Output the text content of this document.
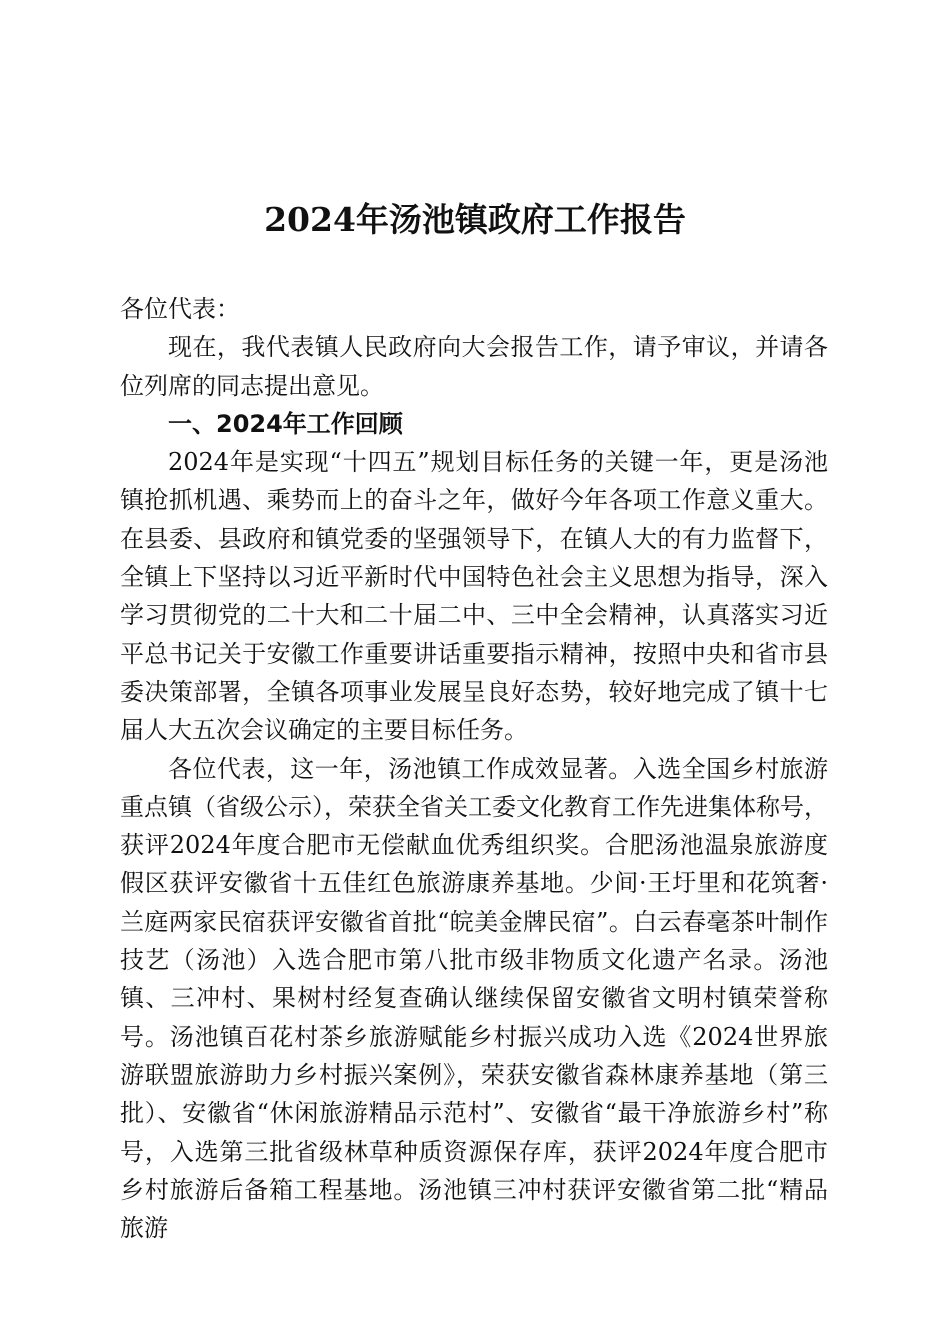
2024年汤池镇政府工作报告

各位代表：

现在，我代表镇人民政府向大会报告工作，请予审议，并请各位列席的同志提出意见。

一、2024年工作回顾

2024年是实现“十四五”规划目标任务的关键一年，更是汤池镇抢抓机遇、乘势而上的奋斗之年，做好今年各项工作意义重大。在县委、县政府和镇党委的坚强领导下，在镇人大的有力监督下，全镇上下坚持以习近平新时代中国特色社会主义思想为指导，深入学习贯彻党的二十大和二十届二中、三中全会精神，认真落实习近平总书记关于安徽工作重要讲话重要指示精神，按照中央和省市县委决策部署，全镇各项事业发展呈良好态势，较好地完成了镇十七届人大五次会议确定的主要目标任务。

各位代表，这一年，汤池镇工作成效显著。入选全国乡村旅游重点镇（省级公示），荣获全省关工委文化教育工作先进集体称号，获评2024年度合肥市无偿献血优秀组织奖。合肥汤池温泉旅游度假区获评安徽省十五佳红色旅游康养基地。少间·王圩里和花筑奢·兰庭两家民宿获评安徽省首批“皖美金牌民宿”。白云春毫茶叶制作技艺（汤池）入选合肥市第八批市级非物质文化遗产名录。汤池镇、三冲村、果树村经复查确认继续保留安徽省文明村镇荣誉称号。汤池镇百花村茶乡旅游赋能乡村振兴成功入选《2024世界旅游联盟旅游助力乡村振兴案例》，荣获安徽省森林康养基地（第三批）、安徽省“休闲旅游精品示范村”、安徽省“最干净旅游乡村”称号，入选第三批省级林草种质资源保存库，获评2024年度合肥市乡村旅游后备箱工程基地。汤池镇三冲村获评安徽省第二批“精品旅游
